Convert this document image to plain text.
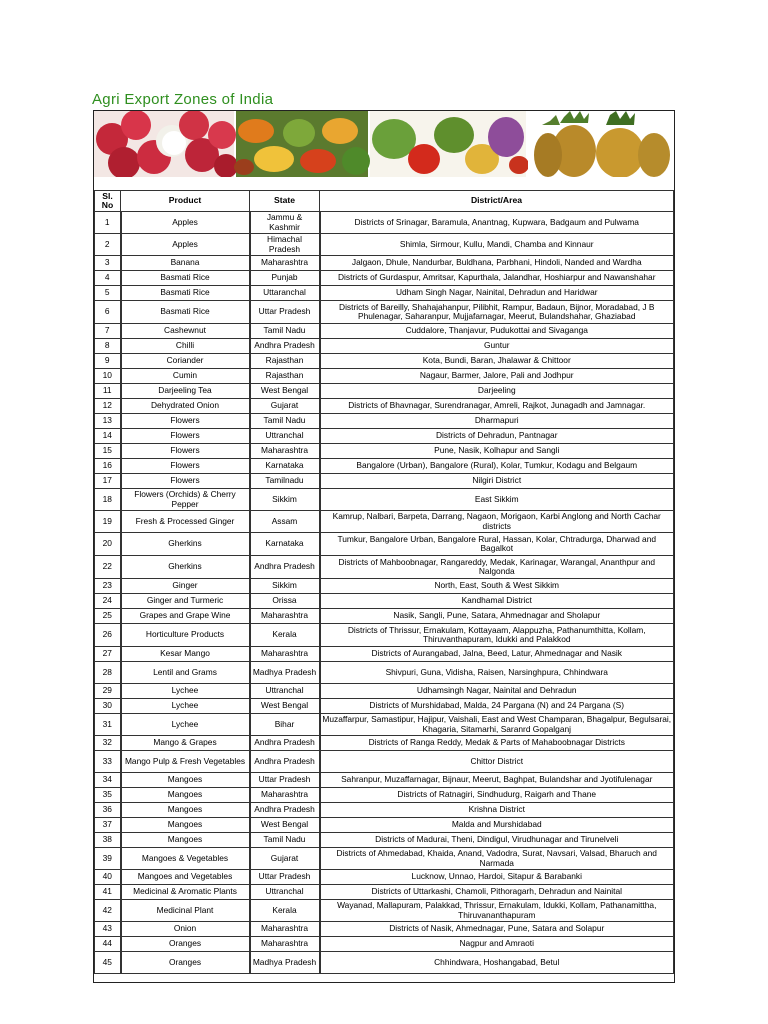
Agri Export Zones of India
Sl. No	Product	State	District/Area
1	Apples	Jammu & Kashmir	Districts of Srinagar, Baramula, Anantnag, Kupwara, Badgaum and Pulwama
2	Apples	Himachal Pradesh	Shimla, Sirmour, Kullu, Mandi, Chamba and Kinnaur
3	Banana	Maharashtra	Jalgaon, Dhule, Nandurbar, Buldhana, Parbhani, Hindoli, Nanded and Wardha
4	Basmati Rice	Punjab	Districts of Gurdaspur, Amritsar, Kapurthala, Jalandhar, Hoshiarpur and Nawanshahar
5	Basmati Rice	Uttaranchal	Udham Singh Nagar, Nainital, Dehradun and Haridwar
6	Basmati Rice	Uttar Pradesh	Districts of Bareilly, Shahajahanpur, Pilibhit, Rampur, Badaun, Bijnor, Moradabad, J B Phulenagar, Saharanpur, Mujjafarnagar, Meerut, Bulandshahar, Ghaziabad
7	Cashewnut	Tamil Nadu	Cuddalore, Thanjavur, Pudukottai and Sivaganga
8	Chilli	Andhra Pradesh	Guntur
9	Coriander	Rajasthan	Kota, Bundi, Baran, Jhalawar & Chittoor
10	Cumin	Rajasthan	Nagaur, Barmer, Jalore, Pali and Jodhpur
11	Darjeeling Tea	West Bengal	Darjeeling
12	Dehydrated Onion	Gujarat	Districts of Bhavnagar, Surendranagar, Amreli, Rajkot, Junagadh and Jamnagar.
13	Flowers	Tamil Nadu	Dharmapuri
14	Flowers	Uttranchal	Districts of Dehradun, Pantnagar
15	Flowers	Maharashtra	Pune, Nasik, Kolhapur and Sangli
16	Flowers	Karnataka	Bangalore (Urban), Bangalore (Rural), Kolar, Tumkur, Kodagu and Belgaum
17	Flowers	Tamilnadu	Nilgiri District
18	Flowers (Orchids) & Cherry Pepper	Sikkim	East Sikkim
19	Fresh & Processed Ginger	Assam	Kamrup, Nalbari, Barpeta, Darrang, Nagaon, Morigaon, Karbi Anglong and North Cachar districts
20	Gherkins	Karnataka	Tumkur, Bangalore Urban, Bangalore Rural, Hassan, Kolar, Chtradurga, Dharwad and Bagalkot
22	Gherkins	Andhra Pradesh	Districts of Mahboobnagar, Rangareddy, Medak, Karinagar, Warangal, Ananthpur and Nalgonda
23	Ginger	Sikkim	North, East, South & West Sikkim
24	Ginger and Turmeric	Orissa	Kandhamal District
25	Grapes and Grape Wine	Maharashtra	Nasik, Sangli, Pune, Satara, Ahmednagar and Sholapur
26	Horticulture Products	Kerala	Districts of Thrissur, Ernakulam, Kottayaam, Alappuzha, Pathanumthitta, Kollam, Thiruvanthapuram, Idukki and Palakkod
27	Kesar Mango	Maharashtra	Districts of Aurangabad, Jalna, Beed, Latur, Ahmednagar and Nasik
28	Lentil and Grams	Madhya Pradesh	Shivpuri, Guna, Vidisha, Raisen, Narsinghpura, Chhindwara
29	Lychee	Uttranchal	Udhamsingh Nagar, Nainital and Dehradun
30	Lychee	West Bengal	Districts of Murshidabad, Malda, 24 Pargana (N) and 24 Pargana (S)
31	Lychee	Bihar	Muzaffarpur, Samastipur, Hajipur, Vaishali, East and West Champaran, Bhagalpur, Begulsarai, Khagaria, Sitamarhi, Saranrd Gopalganj
32	Mango & Grapes	Andhra Pradesh	Districts of Ranga Reddy, Medak & Parts of Mahaboobnagar Districts
33	Mango Pulp & Fresh Vegetables	Andhra Pradesh	Chittor District
34	Mangoes	Uttar Pradesh	Sahranpur, Muzaffarnagar, Bijnaur, Meerut, Baghpat, Bulandshar and Jyotifulenagar
35	Mangoes	Maharashtra	Districts of Ratnagiri, Sindhudurg, Raigarh and Thane
36	Mangoes	Andhra Pradesh	Krishna District
37	Mangoes	West Bengal	Malda and Murshidabad
38	Mangoes	Tamil Nadu	Districts of Madurai, Theni, Dindigul, Virudhunagar and Tirunelveli
39	Mangoes & Vegetables	Gujarat	Districts of Ahmedabad, Khaida, Anand, Vadodra, Surat, Navsari, Valsad, Bharuch and Narmada
40	Mangoes and Vegetables	Uttar Pradesh	Lucknow, Unnao, Hardoi, Sitapur & Barabanki
41	Medicinal & Aromatic Plants	Uttranchal	Districts of Uttarkashi, Chamoli, Pithoragarh, Dehradun and Nainital
42	Medicinal Plant	Kerala	Wayanad, Mallapuram, Palakkad, Thrissur, Ernakulam, Idukki, Kollam, Pathanamittha, Thiruvananthapuram
43	Onion	Maharashtra	Districts of Nasik, Ahmednagar, Pune, Satara and Solapur
44	Oranges	Maharashtra	Nagpur and Amraoti
45	Oranges	Madhya Pradesh	Chhindwara, Hoshangabad, Betul
